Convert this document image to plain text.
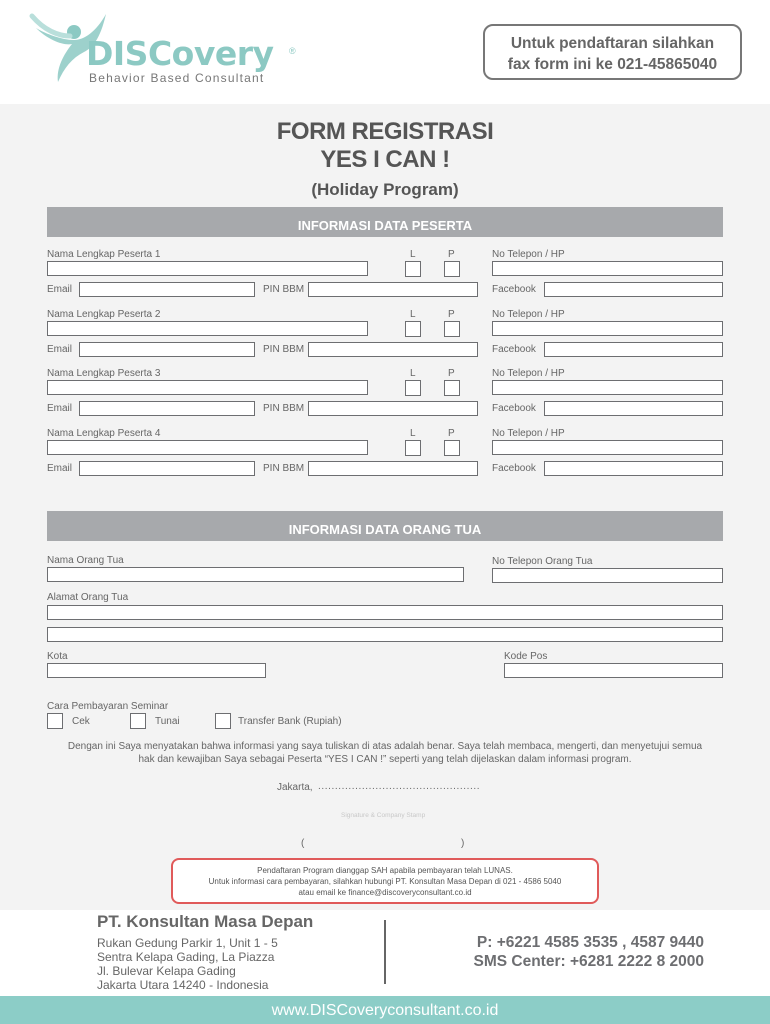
DISCovery ®
Behavior Based Consultant
Untuk pendaftaran silahkan
fax form ini ke 021-45865040
FORM REGISTRASI
YES I CAN !
(Holiday Program)
INFORMASI DATA PESERTA
Nama Lengkap Peserta 1	L	P	No Telepon / HP
Email	PIN BBM	Facebook
Nama Lengkap Peserta 2	L	P	No Telepon / HP
Email	PIN BBM	Facebook
Nama Lengkap Peserta 3	L	P	No Telepon / HP
Email	PIN BBM	Facebook
Nama Lengkap Peserta 4	L	P	No Telepon / HP
Email	PIN BBM	Facebook
INFORMASI DATA ORANG TUA
Nama Orang Tua	No Telepon Orang Tua
Alamat Orang Tua
Kota	Kode Pos
Cara Pembayaran Seminar
Cek	Tunai	Transfer Bank (Rupiah)
Dengan ini Saya menyatakan bahwa informasi yang saya tuliskan di atas adalah benar. Saya telah membaca, mengerti, dan menyetujui semua
hak dan kewajiban Saya sebagai Peserta “YES I CAN !” seperti yang telah dijelaskan dalam informasi program.
Jakarta, ................................................
Signature & Company Stamp
(	)
Pendaftaran Program dianggap SAH apabila pembayaran telah LUNAS.
Untuk informasi cara pembayaran, silahkan hubungi PT. Konsultan Masa Depan di 021 - 4586 5040
atau email ke finance@discoveryconsultant.co.id
PT. Konsultan Masa Depan
Rukan Gedung Parkir 1, Unit 1 - 5
Sentra Kelapa Gading, La Piazza
Jl. Bulevar Kelapa Gading
Jakarta Utara 14240 - Indonesia
P: +6221 4585 3535 , 4587 9440
SMS Center: +6281 2222 8 2000
www.DISCoveryconsultant.co.id
